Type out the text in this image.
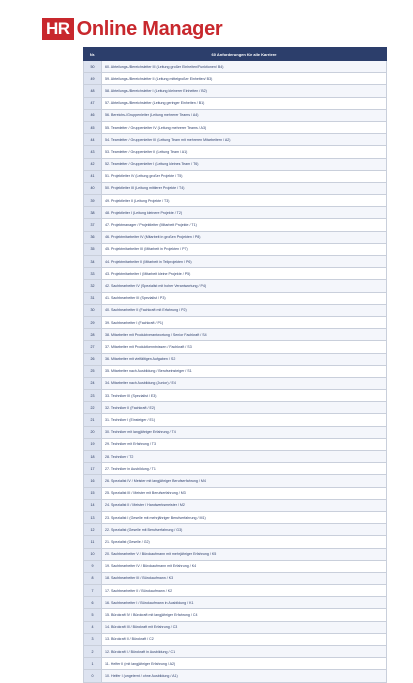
HR Online Manager
Nr.	60 Anforderungen für alle Karriere
50	60. Abteilungs-/Bereichsleiter III (Leitung großer Einheiten/Funktionen/ B4)
49	59. Abteilungs-/Bereichsleiter II (Leitung mittelgroßer Einheiten/ B3)
48	58. Abteilungs-/Bereichsleiter I (Leitung kleinerer Einheiten / B2)
47	57. Abteilungs-/Bereichsleiter (Leitung geringer Einheiten / B1)
46	56. Bereichs-/Gruppenleiter (Leitung mehrerer Teams / A4)
45	55. Teamleiter / Gruppenleiter IV (Leitung mehrerer Teams / A3)
44	54. Teamleiter / Gruppenleiter III (Leitung Team mit mehreren Mitarbeitern / A2)
43	53. Teamleiter / Gruppenleiter II (Leitung Team / A1)
42	52. Teamleiter / Gruppenleiter I (Leitung kleines Team / T6)
41	51. Projektleiter IV (Leitung großer Projekte / T5)
40	50. Projektleiter III (Leitung mittlerer Projekte / T4)
39	49. Projektleiter II (Leitung Projekte / T3)
38	48. Projektleiter I (Leitung kleinere Projekte / T2)
37	47. Projektmanager / Projektleiter (Mitarbeit Projekte / T1)
36	46. Projektmitarbeiter IV (Mitarbeit in großen Projekten / P8)
35	45. Projektmitarbeiter III (Mitarbeit in Projekten / P7)
34	44. Projektmitarbeiter II (Mitarbeit in Teilprojekten / P6)
33	43. Projektmitarbeiter I (Mitarbeit kleine Projekte / P5)
32	42. Sachbearbeiter IV (Spezialist mit hoher Verantwortung / P4)
31	41. Sachbearbeiter III (Spezialist / P3)
30	40. Sachbearbeiter II (Fachkraft mit Erfahrung / P2)
29	39. Sachbearbeiter I (Fachkraft / P1)
28	38. Mitarbeiter mit Produktverantwortung / Senior Fachkraft / S4
27	37. Mitarbeiter mit Produktkenntnissen / Fachkraft / S3
26	36. Mitarbeiter mit vielfältigen Aufgaben / S2
25	35. Mitarbeiter nach Ausbildung / Berufseinsteiger / S1
24	34. Mitarbeiter nach Ausbildung (Junior) / E4
23	33. Techniker III (Spezialist / E3)
22	32. Techniker II (Fachkraft / E2)
21	31. Techniker I (Einsteiger / E1)
20	30. Techniker mit langjähriger Erfahrung / T4
19	29. Techniker mit Erfahrung / T3
18	28. Techniker / T2
17	27. Techniker in Ausbildung / T1
16	26. Spezialist IV / Meister mit langjähriger Berufserfahrung / M4
15	25. Spezialist III / Meister mit Berufserfahrung / M3
14	24. Spezialist II / Meister / Handwerksmeister / M2
13	23. Spezialist I (Geselle mit mehrjähriger Berufserfahrung / M1)
12	22. Spezialist (Geselle mit Berufserfahrung / G3)
11	21. Spezialist (Geselle / G2)
10	20. Sachbearbeiter V / Bürokaufmann mit mehrjähriger Erfahrung / K5
9	19. Sachbearbeiter IV / Bürokaufmann mit Erfahrung / K4
8	18. Sachbearbeiter III / Bürokaufmann / K3
7	17. Sachbearbeiter II / Bürokaufmann / K2
6	16. Sachbearbeiter I / Bürokaufmann in Ausbildung / K1
5	15. Bürokraft IV / Bürokraft mit langjähriger Erfahrung / C4
4	14. Bürokraft III / Bürokraft mit Erfahrung / C3
3	13. Bürokraft II / Bürokraft / C2
2	12. Bürokraft I / Bürokraft in Ausbildung / C1
1	11. Helfer II (mit langjähriger Erfahrung / A2)
0	10. Helfer I (ungelernt / ohne Ausbildung / A1)
